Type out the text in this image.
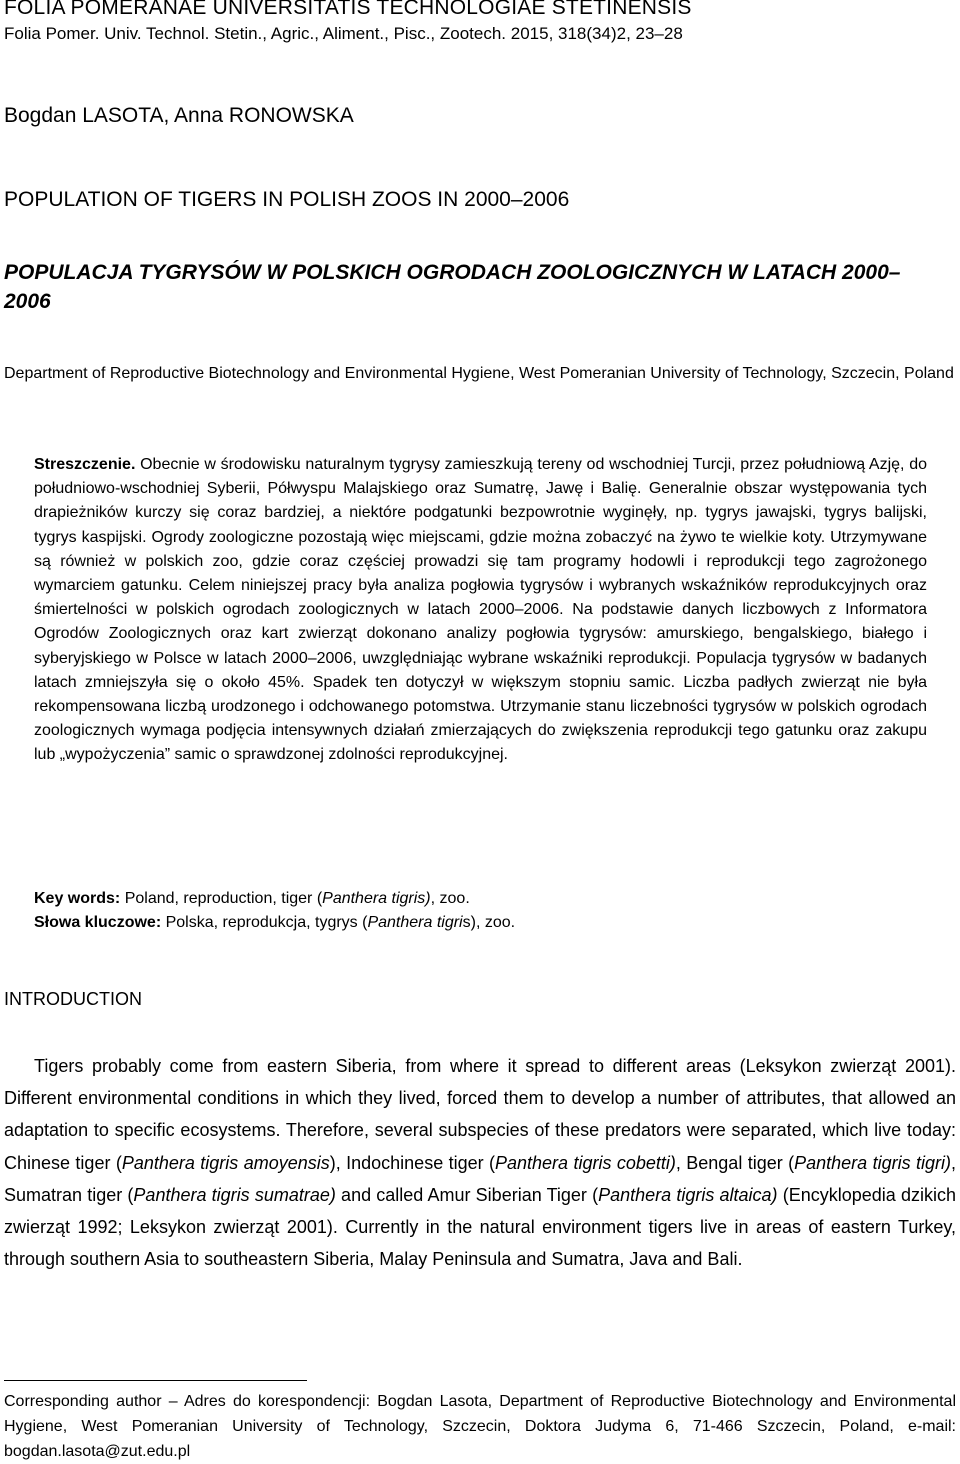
FOLIA POMERANAE UNIVERSITATIS TECHNOLOGIAE STETINENSIS
Folia Pomer. Univ. Technol. Stetin., Agric., Aliment., Pisc., Zootech. 2015, 318(34)2, 23–28
Bogdan LASOTA, Anna RONOWSKA
POPULATION OF TIGERS IN POLISH ZOOS IN 2000–2006
POPULACJA TYGRYSÓW W POLSKICH OGRODACH ZOOLOGICZNYCH W LATACH 2000–2006
Department of Reproductive Biotechnology and Environmental Hygiene, West Pomeranian University of Technology, Szczecin, Poland
Streszczenie. Obecnie w środowisku naturalnym tygrysy zamieszkują tereny od wschodniej Turcji, przez południową Azję, do południowo-wschodniej Syberii, Półwyspu Malajskiego oraz Sumatrę, Jawę i Balię. Generalnie obszar występowania tych drapieżników kurczy się coraz bardziej, a niektóre podgatunki bezpowrotnie wyginęły, np. tygrys jawajski, tygrys balijski, tygrys kaspijski. Ogrody zoologiczne pozostają więc miejscami, gdzie można zobaczyć na żywo te wielkie koty. Utrzymywane są również w polskich zoo, gdzie coraz częściej prowadzi się tam programy hodowli i reprodukcji tego zagrożonego wymarciem gatunku. Celem niniejszej pracy była analiza pogłowia tygrysów i wybranych wskaźników reprodukcyjnych oraz śmiertelności w polskich ogrodach zoologicznych w latach 2000–2006. Na podstawie danych liczbowych z Informatora Ogrodów Zoologicznych oraz kart zwierząt dokonano analizy pogłowia tygrysów: amurskiego, bengalskiego, białego i syberyjskiego w Polsce w latach 2000–2006, uwzględniając wybrane wskaźniki reprodukcji. Populacja tygrysów w badanych latach zmniejszyła się o około 45%. Spadek ten dotyczył w większym stopniu samic. Liczba padłych zwierząt nie była rekompensowana liczbą urodzonego i odchowanego potomstwa. Utrzymanie stanu liczebności tygrysów w polskich ogrodach zoologicznych wymaga podjęcia intensywnych działań zmierzających do zwiększenia reprodukcji tego gatunku oraz zakupu lub „wypożyczenia” samic o sprawdzonej zdolności reprodukcyjnej.
Key words: Poland, reproduction, tiger (Panthera tigris), zoo.
Słowa kluczowe: Polska, reprodukcja, tygrys (Panthera tigris), zoo.
INTRODUCTION
Tigers probably come from eastern Siberia, from where it spread to different areas (Leksykon zwierząt 2001). Different environmental conditions in which they lived, forced them to develop a number of attributes, that allowed an adaptation to specific ecosystems. Therefore, several subspecies of these predators were separated, which live today: Chinese tiger (Panthera tigris amoyensis), Indochinese tiger (Panthera tigris cobetti), Bengal tiger (Panthera tigris tigri), Sumatran tiger (Panthera tigris sumatrae) and called Amur Siberian Tiger (Panthera tigris altaica) (Encyklopedia dzikich zwierząt 1992; Leksykon zwierząt 2001). Currently in the natural environment tigers live in areas of eastern Turkey, through southern Asia to southeastern Siberia, Malay Peninsula and Sumatra, Java and Bali.
Corresponding author – Adres do korespondencji: Bogdan Lasota, Department of Reproductive Biotechnology and Environmental Hygiene, West Pomeranian University of Technology, Szczecin, Doktora Judyma 6, 71-466 Szczecin, Poland, e-mail: bogdan.lasota@zut.edu.pl
